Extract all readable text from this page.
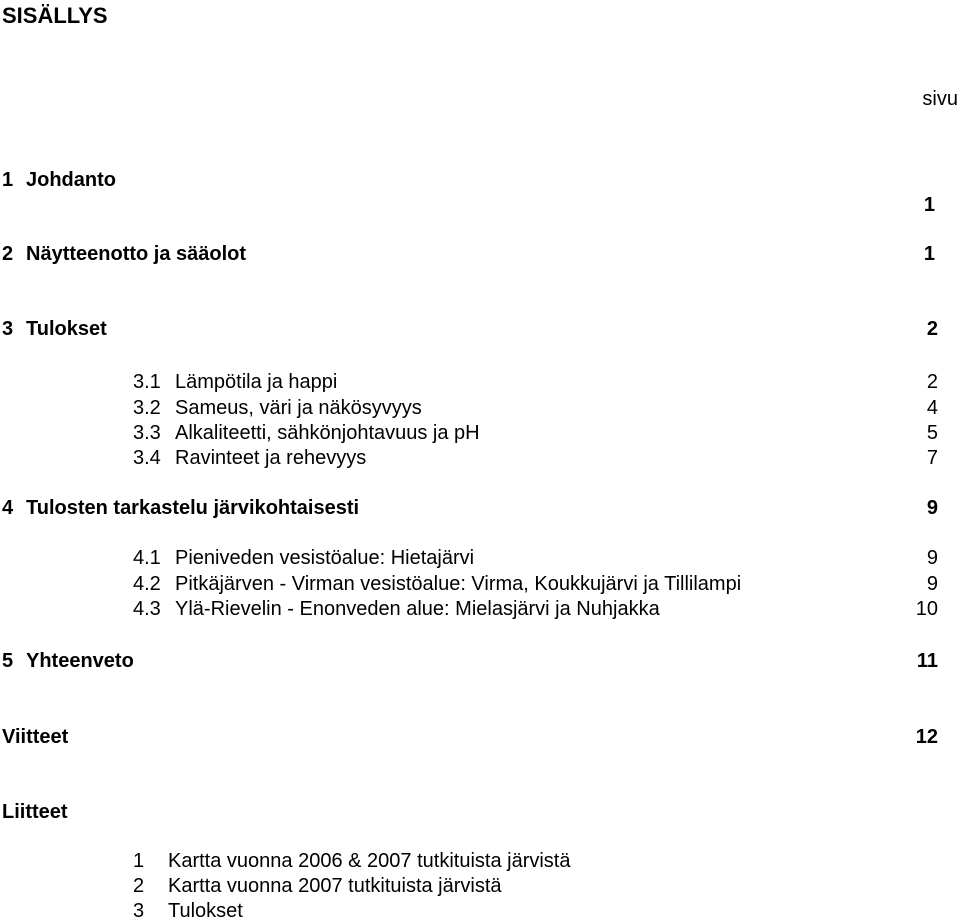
SISÄLLYS
sivu
1 Johdanto
1
2 Näytteenotto ja sääolot	1
3 Tulokset	2
3.1 Lämpötila ja happi	2
3.2 Sameus, väri ja näkösyvyys	4
3.3 Alkaliteetti, sähkönjohtavuus ja pH	5
3.4 Ravinteet ja rehevyys	7
4 Tulosten tarkastelu järvikohtaisesti	9
4.1 Pieniveden vesistöalue: Hietajärvi	9
4.2 Pitkäjärven - Virman vesistöalue: Virma, Koukkujärvi ja Tillilampi	9
4.3 Ylä-Rievelin - Enonveden alue: Mielasjärvi ja Nuhjakka	10
5 Yhteenveto	11
Viitteet	12
Liitteet
1 Kartta vuonna 2006 & 2007 tutkituista järvistä
2 Kartta vuonna 2007 tutkituista järvistä
3 Tulokset
